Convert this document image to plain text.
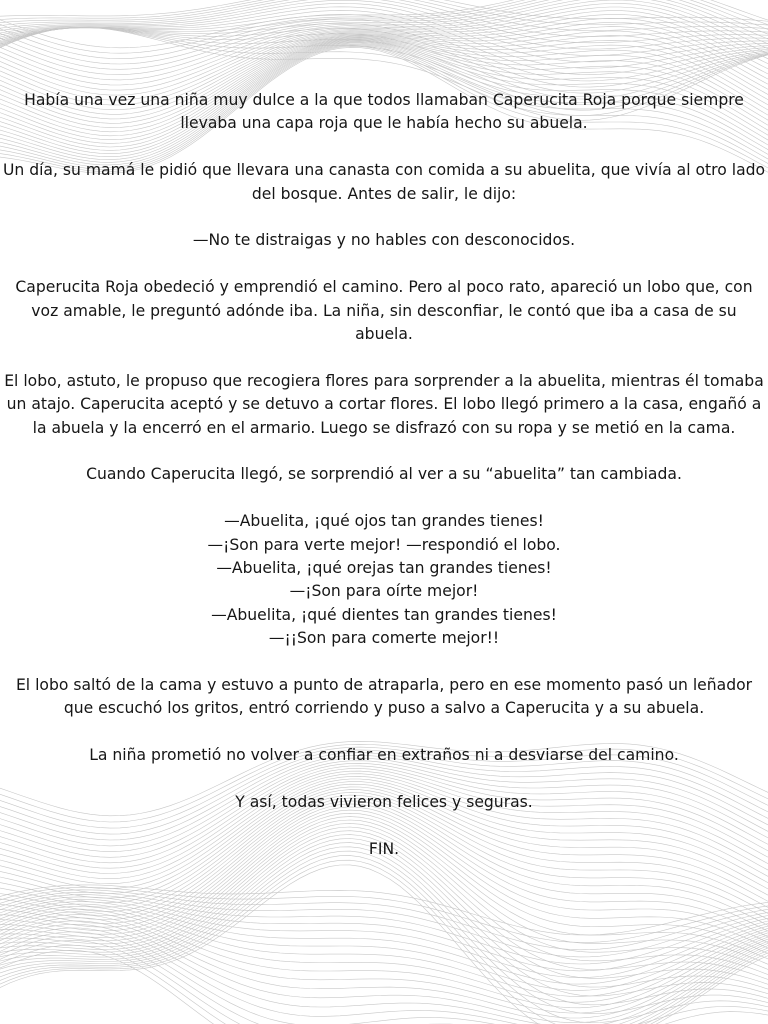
Había una vez una niña muy dulce a la que todos llamaban Caperucita Roja porque siempre llevaba una capa roja que le había hecho su abuela.

Un día, su mamá le pidió que llevara una canasta con comida a su abuelita, que vivía al otro lado del bosque. Antes de salir, le dijo:

—No te distraigas y no hables con desconocidos.

Caperucita Roja obedeció y emprendió el camino. Pero al poco rato, apareció un lobo que, con voz amable, le preguntó adónde iba. La niña, sin desconfiar, le contó que iba a casa de su abuela.

El lobo, astuto, le propuso que recogiera flores para sorprender a la abuelita, mientras él tomaba un atajo. Caperucita aceptó y se detuvo a cortar flores. El lobo llegó primero a la casa, engañó a la abuela y la encerró en el armario. Luego se disfrazó con su ropa y se metió en la cama.

Cuando Caperucita llegó, se sorprendió al ver a su “abuelita” tan cambiada.

—Abuelita, ¡qué ojos tan grandes tienes!

—¡Son para verte mejor! —respondió el lobo.

—Abuelita, ¡qué orejas tan grandes tienes!

—¡Son para oírte mejor!

—Abuelita, ¡qué dientes tan grandes tienes!

—¡¡Son para comerte mejor!!

El lobo saltó de la cama y estuvo a punto de atraparla, pero en ese momento pasó un leñador que escuchó los gritos, entró corriendo y puso a salvo a Caperucita y a su abuela.

La niña prometió no volver a confiar en extraños ni a desviarse del camino.

Y así, todas vivieron felices y seguras.

FIN.
